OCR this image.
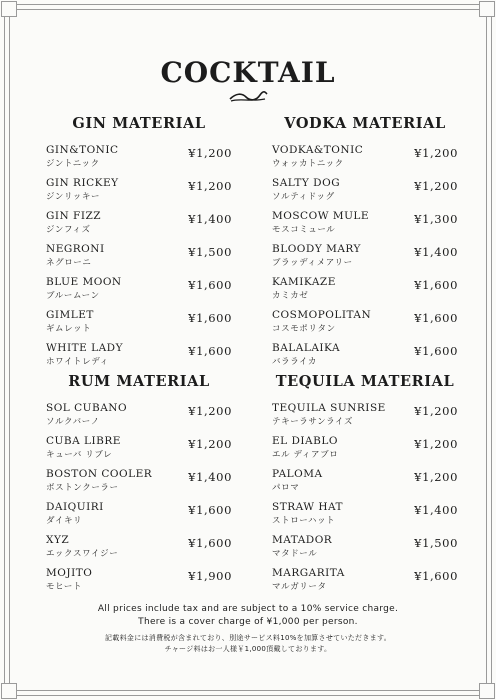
COCKTAIL
GIN MATERIAL
GIN&TONIC
ジントニック
¥1,200
GIN RICKEY
ジンリッキー
¥1,200
GIN FIZZ
ジンフィズ
¥1,400
NEGRONI
ネグローニ
¥1,500
BLUE MOON
ブルームーン
¥1,600
GIMLET
ギムレット
¥1,600
WHITE LADY
ホワイトレディ
¥1,600
VODKA MATERIAL
VODKA&TONIC
ウォッカトニック
¥1,200
SALTY DOG
ソルティドッグ
¥1,200
MOSCOW MULE
モスコミュール
¥1,300
BLOODY MARY
ブラッディメアリー
¥1,400
KAMIKAZE
カミカゼ
¥1,600
COSMOPOLITAN
コスモポリタン
¥1,600
BALALAIKA
バラライカ
¥1,600
RUM MATERIAL
SOL CUBANO
ソルクバーノ
¥1,200
CUBA LIBRE
キューバ リブレ
¥1,200
BOSTON COOLER
ボストンクーラー
¥1,400
DAIQUIRI
ダイキリ
¥1,600
XYZ
エックスワイジー
¥1,600
MOJITO
モヒート
¥1,900
TEQUILA MATERIAL
TEQUILA SUNRISE
テキーラサンライズ
¥1,200
EL DIABLO
エル ディアブロ
¥1,200
PALOMA
パロマ
¥1,200
STRAW HAT
ストローハット
¥1,400
MATADOR
マタドール
¥1,500
MARGARITA
マルガリータ
¥1,600
All prices include tax and are subject to a 10% service charge.
There is a cover charge of ¥1,000 per person.
記載料金には消費税が含まれており、別途サービス料10%を加算させていただきます。
チャージ料はお一人様￥1,000頂戴しております。
